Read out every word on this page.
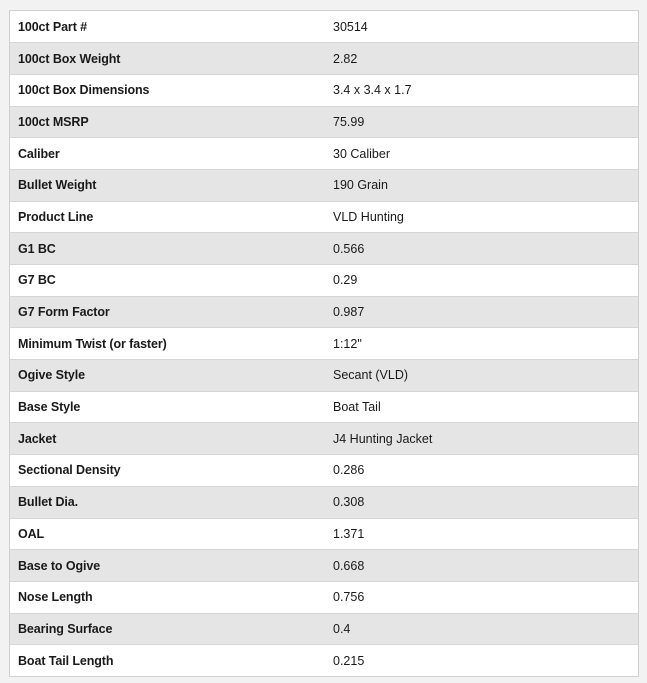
100ct Part #	30514
100ct Box Weight	2.82
100ct Box Dimensions	3.4 x 3.4 x 1.7
100ct MSRP	75.99
Caliber	30 Caliber
Bullet Weight	190 Grain
Product Line	VLD Hunting
G1 BC	0.566
G7 BC	0.29
G7 Form Factor	0.987
Minimum Twist (or faster)	1:12"
Ogive Style	Secant (VLD)
Base Style	Boat Tail
Jacket	J4 Hunting Jacket
Sectional Density	0.286
Bullet Dia.	0.308
OAL	1.371
Base to Ogive	0.668
Nose Length	0.756
Bearing Surface	0.4
Boat Tail Length	0.215
